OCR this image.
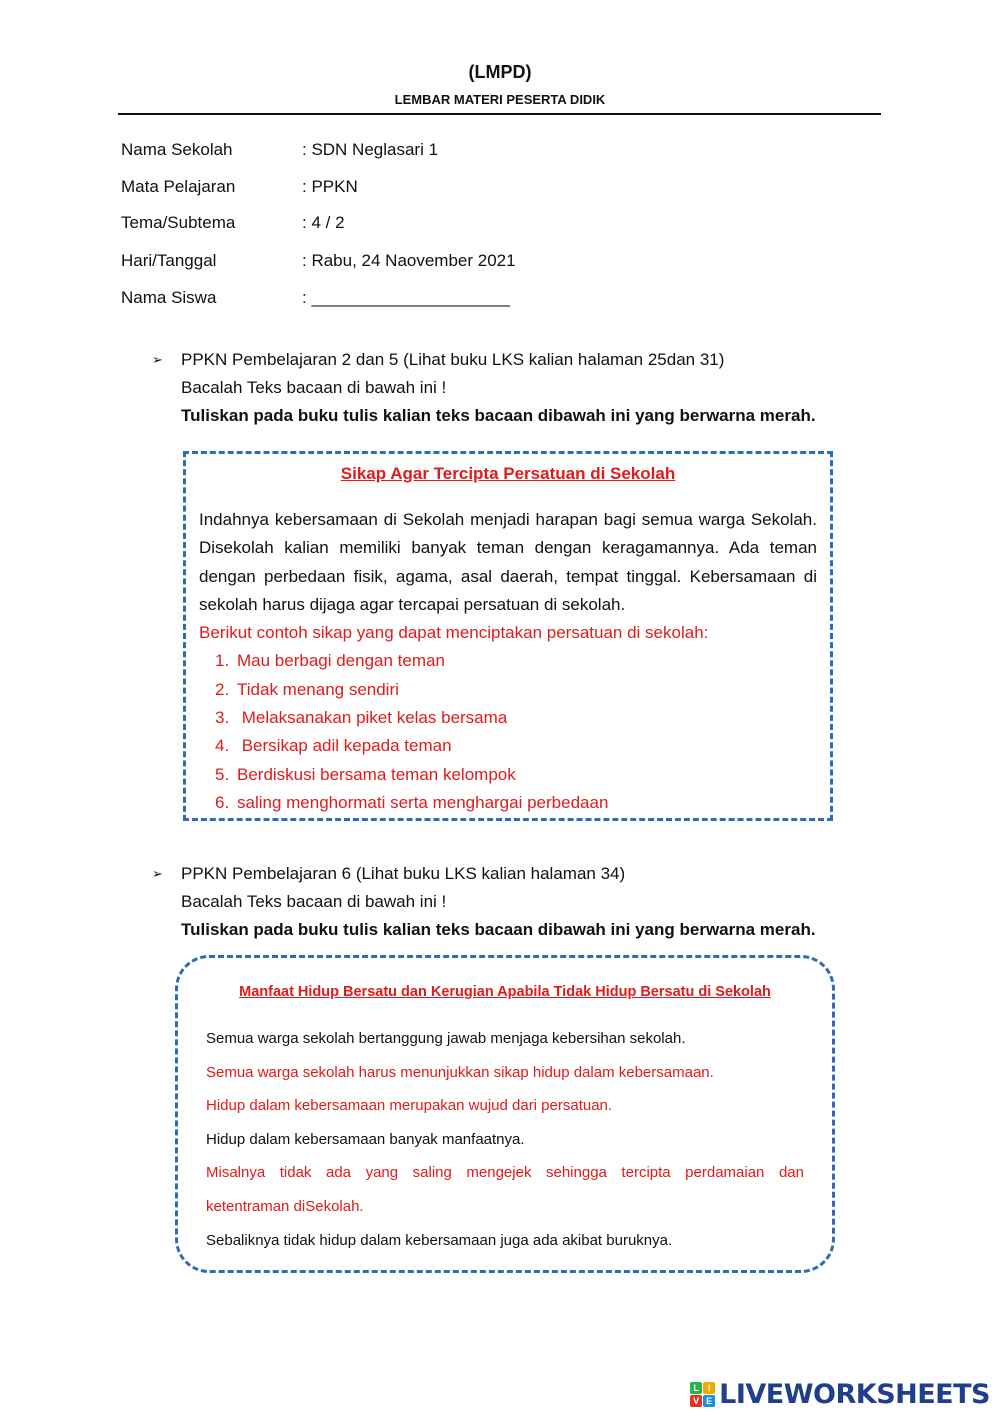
(LMPD)
LEMBAR MATERI PESERTA DIDIK
Nama Sekolah	: SDN Neglasari 1
Mata Pelajaran	: PPKN
Tema/Subtema	: 4 / 2
Hari/Tanggal	: Rabu, 24 Naovember 2021
Nama Siswa	: _____________________
➢ PPKN Pembelajaran 2 dan 5 (Lihat buku LKS kalian halaman 25dan 31)
Bacalah Teks bacaan di bawah ini !
Tuliskan pada buku tulis kalian teks bacaan dibawah ini yang berwarna merah.
Sikap Agar Tercipta Persatuan di Sekolah
Indahnya kebersamaan di Sekolah menjadi harapan bagi semua warga Sekolah. Disekolah kalian memiliki banyak teman dengan keragamannya. Ada teman dengan perbedaan fisik, agama, asal daerah, tempat tinggal. Kebersamaan di sekolah harus dijaga agar tercapai persatuan di sekolah.
Berikut contoh sikap yang dapat menciptakan persatuan di sekolah:
1. Mau berbagi dengan teman
2. Tidak menang sendiri
3. Melaksanakan piket kelas bersama
4. Bersikap adil kepada teman
5. Berdiskusi bersama teman kelompok
6. saling menghormati serta menghargai perbedaan
➢ PPKN Pembelajaran 6 (Lihat buku LKS kalian halaman 34)
Bacalah Teks bacaan di bawah ini !
Tuliskan pada buku tulis kalian teks bacaan dibawah ini yang berwarna merah.
Manfaat Hidup Bersatu dan Kerugian Apabila Tidak Hidup Bersatu di Sekolah

Semua warga sekolah bertanggung jawab menjaga kebersihan sekolah.

Semua warga sekolah harus menunjukkan sikap hidup dalam kebersamaan.

Hidup dalam kebersamaan merupakan wujud dari persatuan.

Hidup dalam kebersamaan banyak manfaatnya.

Misalnya tidak ada yang saling mengejek sehingga tercipta perdamaian dan

ketentraman diSekolah.

Sebaliknya tidak hidup dalam kebersamaan juga ada akibat buruknya.

L I
V E LIVEWORKSHEETS
